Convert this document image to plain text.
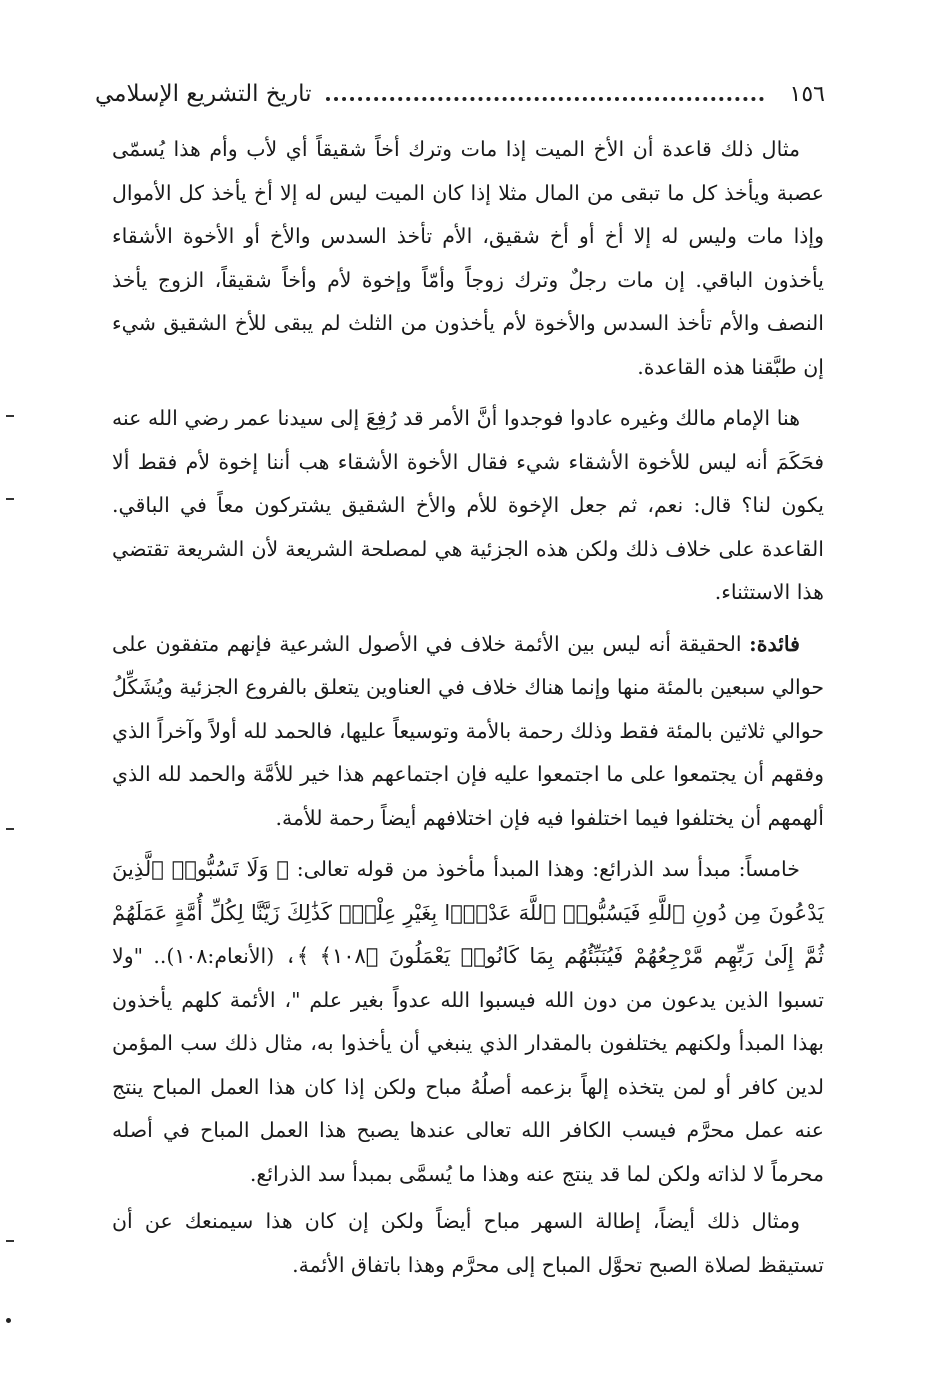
١٥٦
تاريخ التشريع الإسلامي

مثال ذلك قاعدة أن الأخ الميت إذا مات وترك أخاً شقيقاً أي لأب وأم هذا يُسمّى عصبة ويأخذ كل ما تبقى من المال مثلا إذا كان الميت ليس له إلا أخ يأخذ كل الأموال وإذا مات وليس له إلا أخ أو أخ شقيق، الأم تأخذ السدس والأخ أو الأخوة الأشقاء يأخذون الباقي. إن مات رجلٌ وترك زوجاً وأمّاً وإخوة لأم وأخاً شقيقاً، الزوج يأخذ النصف والأم تأخذ السدس والأخوة لأم يأخذون من الثلث لم يبقى للأخ الشقيق شيء إن طبَّقنا هذه القاعدة.

هنا الإمام مالك وغيره عادوا فوجدوا أنَّ الأمر قد رُفِعَ إلى سيدنا عمر رضي الله عنه فحَكَمَ أنه ليس للأخوة الأشقاء شيء فقال الأخوة الأشقاء هب أننا إخوة لأم فقط ألا يكون لنا؟ قال: نعم، ثم جعل الإخوة للأم والأخ الشقيق يشتركون معاً في الباقي. القاعدة على خلاف ذلك ولكن هذه الجزئية هي لمصلحة الشريعة لأن الشريعة تقتضي هذا الاستثناء.

فائدة: الحقيقة أنه ليس بين الأئمة خلاف في الأصول الشرعية فإنهم متفقون على حوالي سبعين بالمئة منها وإنما هناك خلاف في العناوين يتعلق بالفروع الجزئية ويُشَكِّلُ حوالي ثلاثين بالمئة فقط وذلك رحمة بالأمة وتوسيعاً عليها، فالحمد لله أولاً وآخراً الذي وفقهم أن يجتمعوا على ما اجتمعوا عليه فإن اجتماعهم هذا خير للأمَّة والحمد لله الذي ألهمهم أن يختلفوا فيما اختلفوا فيه فإن اختلافهم أيضاً رحمة للأمة.

خامساً: مبدأ سد الذرائع: وهذا المبدأ مأخوذ من قوله تعالى: ﴿ وَلَا تَسُبُّوا۟ ٱلَّذِينَ يَدْعُونَ مِن دُونِ ٱللَّهِ فَيَسُبُّوا۟ ٱللَّهَ عَدْوًۢا بِغَيْرِ عِلْمٍۗ كَذَٰلِكَ زَيَّنَّا لِكُلِّ أُمَّةٍ عَمَلَهُمْ ثُمَّ إِلَىٰ رَبِّهِم مَّرْجِعُهُمْ فَيُنَبِّئُهُم بِمَا كَانُوا۟ يَعْمَلُونَ ﴿١٠٨﴾ ﴾، (الأنعام:١٠٨).. "ولا تسبوا الذين يدعون من دون الله فيسبوا الله عدواً بغير علم "، الأئمة كلهم يأخذون بهذا المبدأ ولكنهم يختلفون بالمقدار الذي ينبغي أن يأخذوا به، مثال ذلك سب المؤمن لدين كافر أو لمن يتخذه إلهاً بزعمه أصلُهُ مباح ولكن إذا كان هذا العمل المباح ينتج عنه عمل محرَّم فيسب الكافر الله تعالى عندها يصبح هذا العمل المباح في أصله محرماً لا لذاته ولكن لما قد ينتج عنه وهذا ما يُسمَّى بمبدأ سد الذرائع.

ومثال ذلك أيضاً، إطالة السهر مباح أيضاً ولكن إن كان هذا سيمنعك عن أن تستيقظ لصلاة الصبح تحوَّل المباح إلى محرَّم وهذا باتفاق الأئمة.
